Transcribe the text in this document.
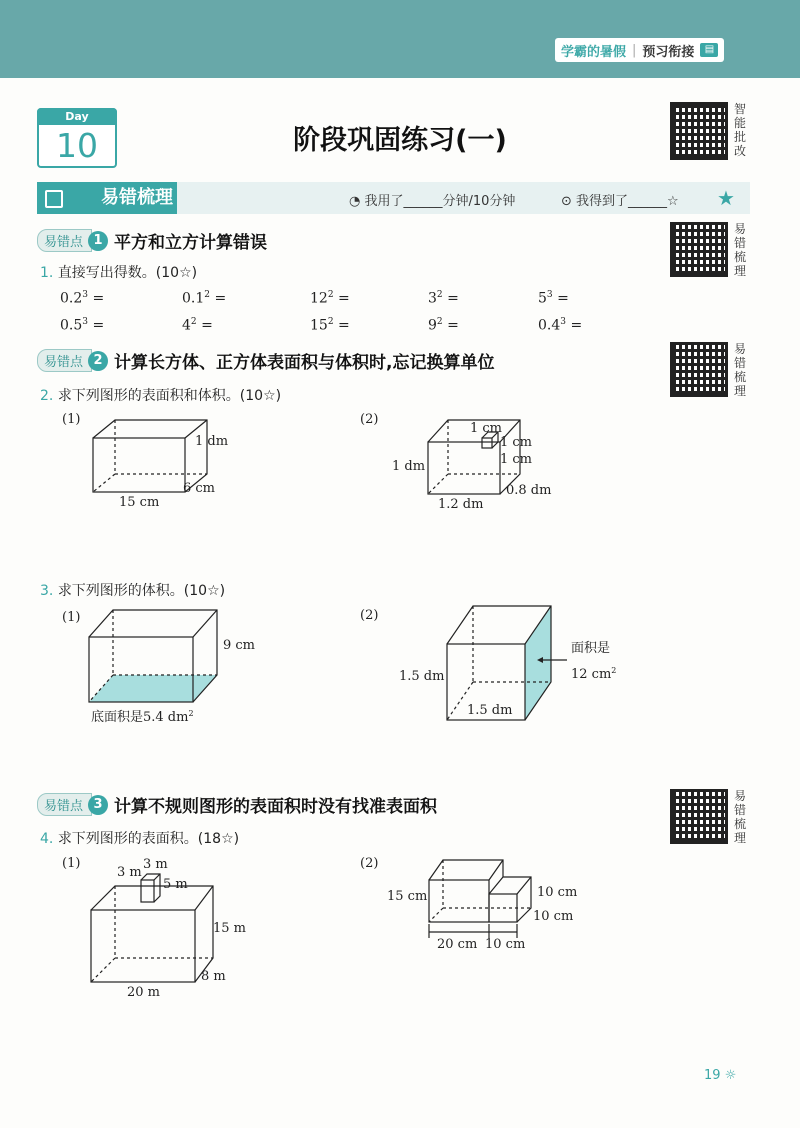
学霸的暑假 | 预习衔接	▤
Day
10	阶段巩固练习(一)
智能批改
易错梳理
易错梳理
易错梳理
易错梳理	◔ 我用了______分钟/10分钟	⊙ 我得到了______☆ ★
易错点 1 平方和立方计算错误
1. 直接写出得数。(10☆)
$0.2^3$ =	$0.1^2$ =	$12^2$ =	$3^2$ =	$5^3$ =
$0.5^3$ =	$4^2$ =	$15^2$ =	$9^2$ =	$0.4^3$ =
易错点 2 计算长方体、正方体表面积与体积时,忘记换算单位
2. 求下列图形的表面积和体积。(10☆)
(1)	(2)
1 dm
15 cm
6 cm
1 cm
1 cm
1 cm
1 dm
1.2 dm
0.8 dm
3. 求下列图形的体积。(10☆)
(1)	(2)
9 cm
底面积是5.4 $dm^2$
1.5 dm
1.5 dm
面积是
12 $cm^2$
易错点 3 计算不规则图形的表面积时没有找准表面积
4. 求下列图形的表面积。(18☆)
(1)	(2)
3 m
3 m
5 m
15 m
20 m
8 m
15 cm	10 cm
10 cm
20 cm 10 cm
19 ☼
